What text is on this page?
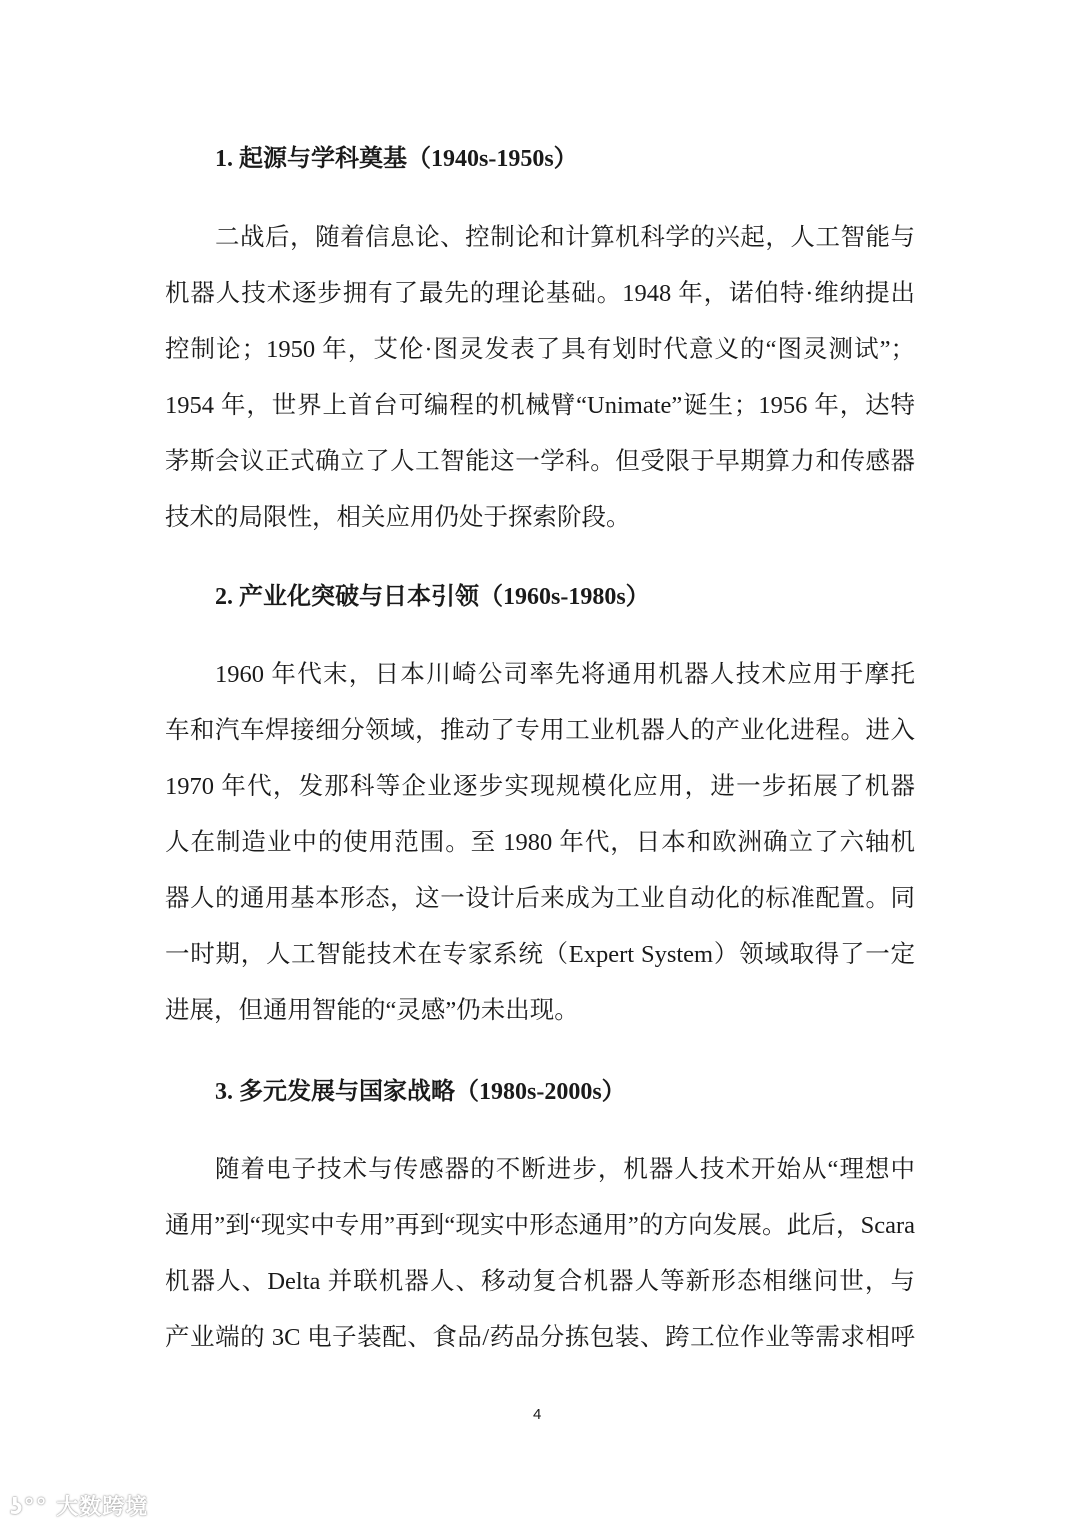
1. 起源与学科奠基（1940s-1950s）
二战后，随着信息论、控制论和计算机科学的兴起，人工智能与
机器人技术逐步拥有了最先的理论基础。1948 年，诺伯特·维纳提出
控制论；1950 年，艾伦·图灵发表了具有划时代意义的“图灵测试”；
1954 年，世界上首台可编程的机械臂“Unimate”诞生；1956 年，达特
茅斯会议正式确立了人工智能这一学科。但受限于早期算力和传感器
技术的局限性，相关应用仍处于探索阶段。
2. 产业化突破与日本引领（1960s-1980s）
1960 年代末，日本川崎公司率先将通用机器人技术应用于摩托
车和汽车焊接细分领域，推动了专用工业机器人的产业化进程。进入
1970 年代，发那科等企业逐步实现规模化应用，进一步拓展了机器
人在制造业中的使用范围。至 1980 年代，日本和欧洲确立了六轴机
器人的通用基本形态，这一设计后来成为工业自动化的标准配置。同
一时期，人工智能技术在专家系统（Expert System）领域取得了一定
进展，但通用智能的“灵感”仍未出现。
3. 多元发展与国家战略（1980s-2000s）
随着电子技术与传感器的不断进步，机器人技术开始从“理想中
通用”到“现实中专用”再到“现实中形态通用”的方向发展。此后，Scara
机器人、Delta 并联机器人、移动复合机器人等新形态相继问世，与
产业端的 3C 电子装配、食品/药品分拣包装、跨工位作业等需求相呼
4
ʖ°° 大数跨境
